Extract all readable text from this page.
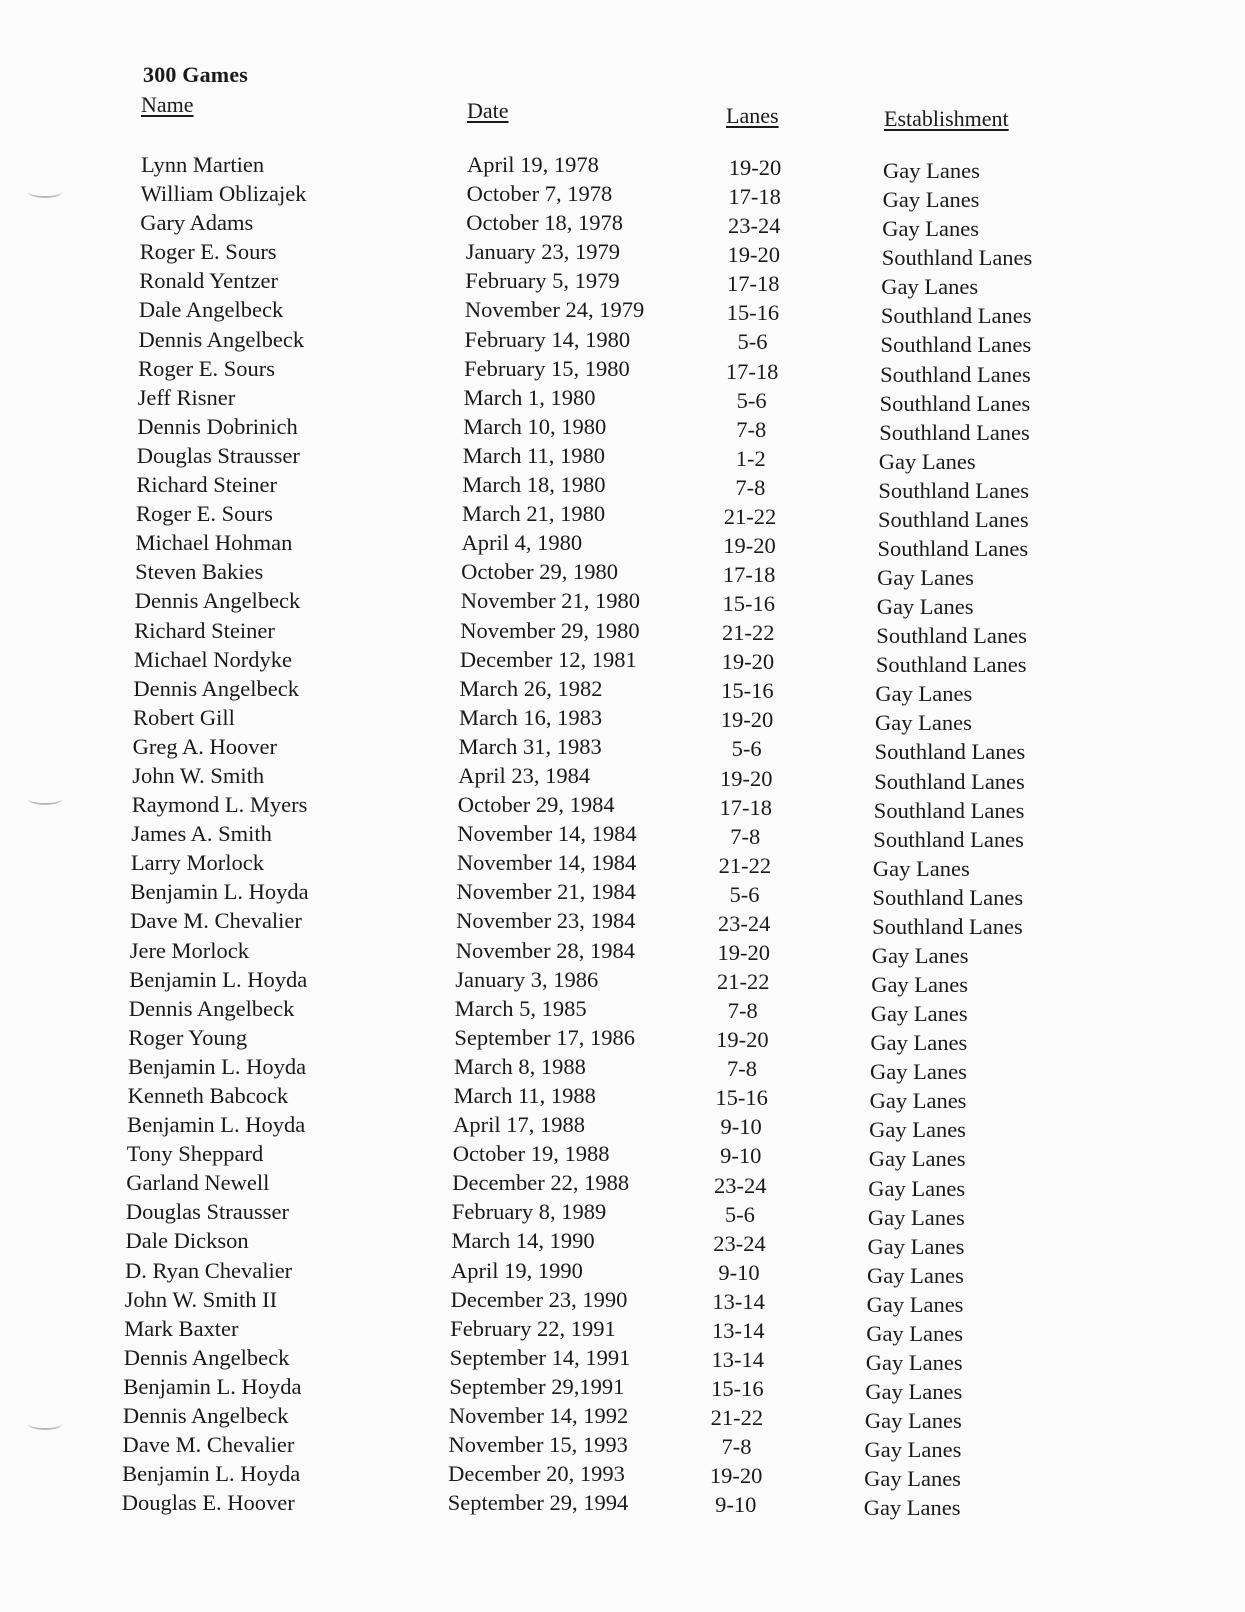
300 Games
Name	Date	Lanes	Establishment
Lynn Martien	April 19, 1978	19-20	Gay Lanes
William Oblizajek	October 7, 1978	17-18	Gay Lanes
Gary Adams	October 18, 1978	23-24	Gay Lanes
Roger E. Sours	January 23, 1979	19-20	Southland Lanes
Ronald Yentzer	February 5, 1979	17-18	Gay Lanes
Dale Angelbeck	November 24, 1979	15-16	Southland Lanes
Dennis Angelbeck	February 14, 1980	5-6	Southland Lanes
Roger E. Sours	February 15, 1980	17-18	Southland Lanes
Jeff Risner	March 1, 1980	5-6	Southland Lanes
Dennis Dobrinich	March 10, 1980	7-8	Southland Lanes
Douglas Strausser	March 11, 1980	1-2	Gay Lanes
Richard Steiner	March 18, 1980	7-8	Southland Lanes
Roger E. Sours	March 21, 1980	21-22	Southland Lanes
Michael Hohman	April 4, 1980	19-20	Southland Lanes
Steven Bakies	October 29, 1980	17-18	Gay Lanes
Dennis Angelbeck	November 21, 1980	15-16	Gay Lanes
Richard Steiner	November 29, 1980	21-22	Southland Lanes
Michael Nordyke	December 12, 1981	19-20	Southland Lanes
Dennis Angelbeck	March 26, 1982	15-16	Gay Lanes
Robert Gill	March 16, 1983	19-20	Gay Lanes
Greg A. Hoover	March 31, 1983	5-6	Southland Lanes
John W. Smith	April 23, 1984	19-20	Southland Lanes
Raymond L. Myers	October 29, 1984	17-18	Southland Lanes
James A. Smith	November 14, 1984	7-8	Southland Lanes
Larry Morlock	November 14, 1984	21-22	Gay Lanes
Benjamin L. Hoyda	November 21, 1984	5-6	Southland Lanes
Dave M. Chevalier	November 23, 1984	23-24	Southland Lanes
Jere Morlock	November 28, 1984	19-20	Gay Lanes
Benjamin L. Hoyda	January 3, 1986	21-22	Gay Lanes
Dennis Angelbeck	March 5, 1985	7-8	Gay Lanes
Roger Young	September 17, 1986	19-20	Gay Lanes
Benjamin L. Hoyda	March 8, 1988	7-8	Gay Lanes
Kenneth Babcock	March 11, 1988	15-16	Gay Lanes
Benjamin L. Hoyda	April 17, 1988	9-10	Gay Lanes
Tony Sheppard	October 19, 1988	9-10	Gay Lanes
Garland Newell	December 22, 1988	23-24	Gay Lanes
Douglas Strausser	February 8, 1989	5-6	Gay Lanes
Dale Dickson	March 14, 1990	23-24	Gay Lanes
D. Ryan Chevalier	April 19, 1990	9-10	Gay Lanes
John W. Smith II	December 23, 1990	13-14	Gay Lanes
Mark Baxter	February 22, 1991	13-14	Gay Lanes
Dennis Angelbeck	September 14, 1991	13-14	Gay Lanes
Benjamin L. Hoyda	September 29,1991	15-16	Gay Lanes
Dennis Angelbeck	November 14, 1992	21-22	Gay Lanes
Dave M. Chevalier	November 15, 1993	7-8	Gay Lanes
Benjamin L. Hoyda	December 20, 1993	19-20	Gay Lanes
Douglas E. Hoover	September 29, 1994	9-10	Gay Lanes
